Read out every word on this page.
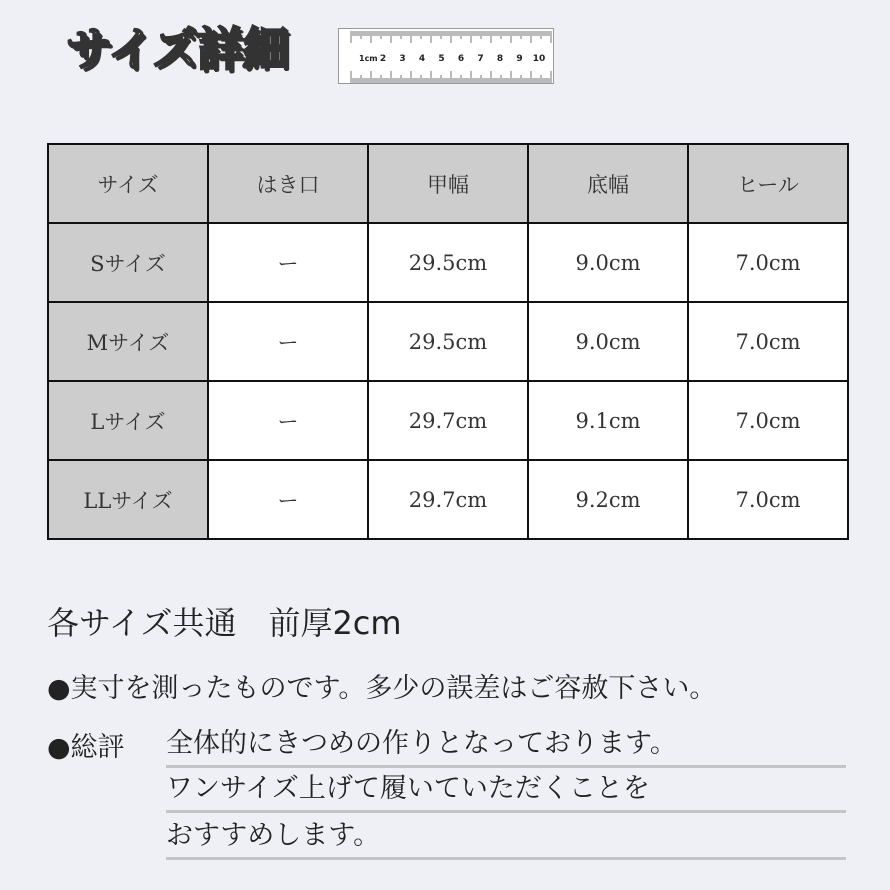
サイズ詳細	1cm 2 3 4 5 6 7 8 9 10
サイズ	はき口	甲幅	底幅	ヒール
Sサイズ	ー	29.5cm	9.0cm	7.0cm
Mサイズ	ー	29.5cm	9.0cm	7.0cm
Lサイズ	ー	29.7cm	9.1cm	7.0cm
LLサイズ	ー	29.7cm	9.2cm	7.0cm
各サイズ共通　前厚2cm
●実寸を測ったものです。多少の誤差はご容赦下さい。
●総評 全体的にきつめの作りとなっております。
ワンサイズ上げて履いていただくことを
おすすめします。
